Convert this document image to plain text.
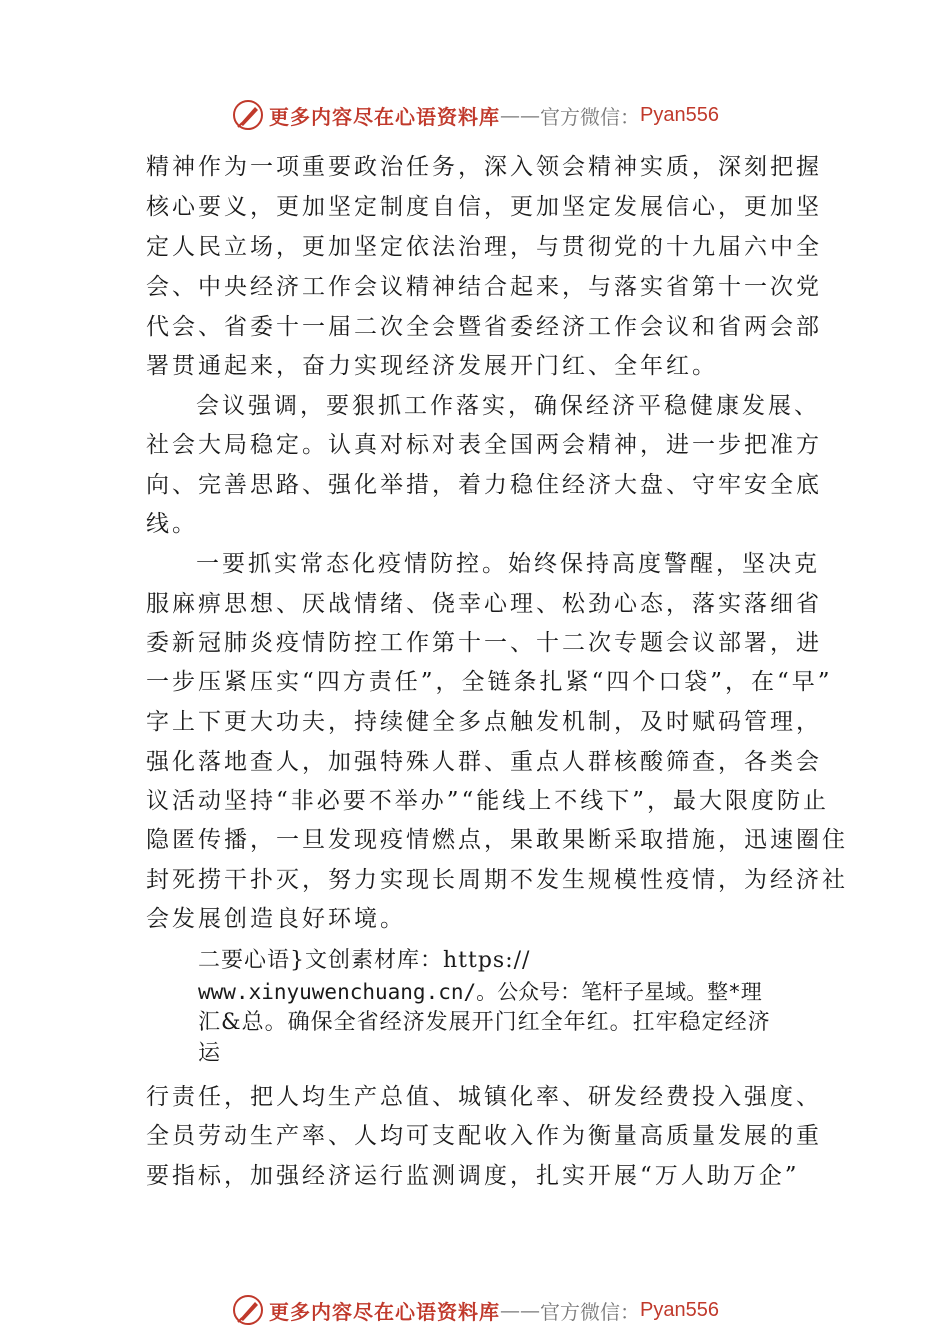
更多内容尽在心语资料库 —— 官方微信： Pyan556
精神作为一项重要政治任务，深入领会精神实质，深刻把握
核心要义，更加坚定制度自信，更加坚定发展信心，更加坚
定人民立场，更加坚定依法治理，与贯彻党的十九届六中全
会、中央经济工作会议精神结合起来，与落实省第十一次党
代会、省委十一届二次全会暨省委经济工作会议和省两会部
署贯通起来，奋力实现经济发展开门红、全年红。
会议强调，要狠抓工作落实，确保经济平稳健康发展、
社会大局稳定。认真对标对表全国两会精神，进一步把准方
向、完善思路、强化举措，着力稳住经济大盘、守牢安全底
线。
一要抓实常态化疫情防控。始终保持高度警醒，坚决克
服麻痹思想、厌战情绪、侥幸心理、松劲心态，落实落细省
委新冠肺炎疫情防控工作第十一、十二次专题会议部署，进
一步压紧压实“四方责任”，全链条扎紧“四个口袋”，在“早”
字上下更大功夫，持续健全多点触发机制，及时赋码管理，
强化落地查人，加强特殊人群、重点人群核酸筛查，各类会
议活动坚持“非必要不举办”“能线上不线下”，最大限度防止
隐匿传播，一旦发现疫情燃点，果敢果断采取措施，迅速圈住
封死捞干扑灭，努力实现长周期不发生规模性疫情，为经济社
会发展创造良好环境。
二要心语}文创素材库：https://
www.xinyuwenchuang.cn/。公众号：笔杆子星域。整*理
汇&总。确保全省经济发展开门红全年红。扛牢稳定经济
运
行责任，把人均生产总值、城镇化率、研发经费投入强度、
全员劳动生产率、人均可支配收入作为衡量高质量发展的重
要指标，加强经济运行监测调度，扎实开展“万人助万企”
更多内容尽在心语资料库 —— 官方微信： Pyan556
